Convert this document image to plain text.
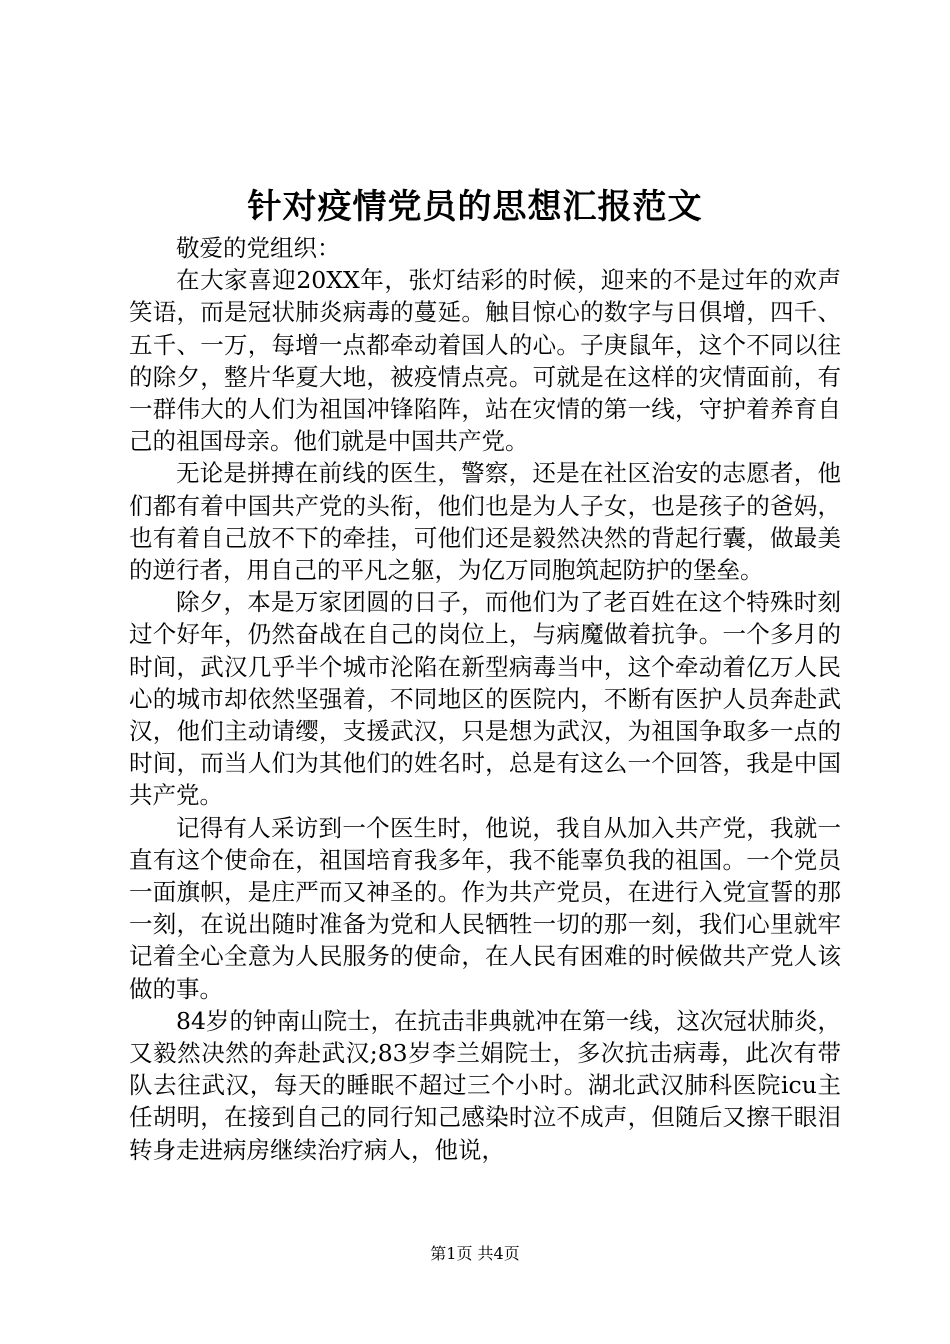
针对疫情党员的思想汇报范文

敬爱的党组织：

在大家喜迎20XX年，张灯结彩的时候，迎来的不是过年的欢声笑语，而是冠状肺炎病毒的蔓延。触目惊心的数字与日俱增，四千、五千、一万，每增一点都牵动着国人的心。子庚鼠年，这个不同以往的除夕，整片华夏大地，被疫情点亮。可就是在这样的灾情面前，有一群伟大的人们为祖国冲锋陷阵，站在灾情的第一线，守护着养育自己的祖国母亲。他们就是中国共产党。

无论是拼搏在前线的医生，警察，还是在社区治安的志愿者，他们都有着中国共产党的头衔，他们也是为人子女，也是孩子的爸妈，也有着自己放不下的牵挂，可他们还是毅然决然的背起行囊，做最美的逆行者，用自己的平凡之躯，为亿万同胞筑起防护的堡垒。

除夕，本是万家团圆的日子，而他们为了老百姓在这个特殊时刻过个好年，仍然奋战在自己的岗位上，与病魔做着抗争。一个多月的时间，武汉几乎半个城市沦陷在新型病毒当中，这个牵动着亿万人民心的城市却依然坚强着，不同地区的医院内，不断有医护人员奔赴武汉，他们主动请缨，支援武汉，只是想为武汉，为祖国争取多一点的时间，而当人们为其他们的姓名时，总是有这么一个回答，我是中国共产党。

记得有人采访到一个医生时，他说，我自从加入共产党，我就一直有这个使命在，祖国培育我多年，我不能辜负我的祖国。一个党员一面旗帜，是庄严而又神圣的。作为共产党员，在进行入党宣誓的那一刻，在说出随时准备为党和人民牺牲一切的那一刻，我们心里就牢记着全心全意为人民服务的使命，在人民有困难的时候做共产党人该做的事。

84岁的钟南山院士，在抗击非典就冲在第一线，这次冠状肺炎，又毅然决然的奔赴武汉;83岁李兰娟院士，多次抗击病毒，此次有带队去往武汉，每天的睡眠不超过三个小时。湖北武汉肺科医院icu主任胡明，在接到自己的同行知己感染时泣不成声，但随后又擦干眼泪转身走进病房继续治疗病人，他说，

第1页 共4页
